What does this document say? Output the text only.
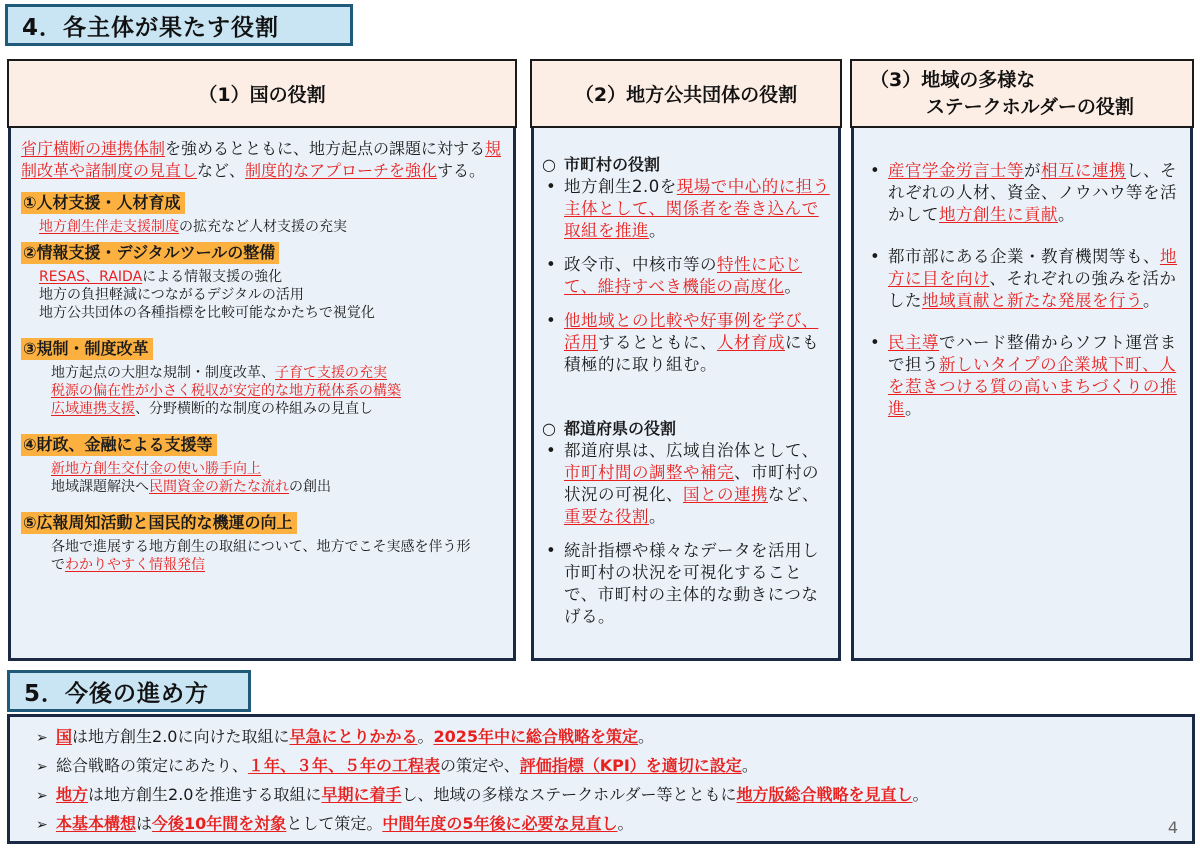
4．各主体が果たす役割
（1）国の役割
省庁横断の連携体制を強めるとともに、地方起点の課題に対する規制改革や諸制度の見直しなど、制度的なアプローチを強化する。
①人材支援・人材育成
地方創生伴走支援制度の拡充など人材支援の充実
②情報支援・デジタルツールの整備
RESAS、RAIDAによる情報支援の強化
地方の負担軽減につながるデジタルの活用
地方公共団体の各種指標を比較可能なかたちで視覚化
③規制・制度改革
地方起点の大胆な規制・制度改革、子育て支援の充実
税源の偏在性が小さく税収が安定的な地方税体系の構築
広域連携支援、分野横断的な制度の枠組みの見直し
④財政、金融による支援等
新地方創生交付金の使い勝手向上
地域課題解決へ民間資金の新たな流れの創出
⑤広報周知活動と国民的な機運の向上
各地で進展する地方創生の取組について、地方でこそ実感を伴う形
でわかりやすく情報発信
（2）地方公共団体の役割
○ 市町村の役割
• 地方創生2.0を現場で中心的に担う主体として、関係者を巻き込んで取組を推進。
• 政令市、中核市等の特性に応じて、維持すべき機能の高度化。
• 他地域との比較や好事例を学び、活用するとともに、人材育成にも積極的に取り組む。
○ 都道府県の役割
• 都道府県は、広域自治体として、市町村間の調整や補完、市町村の状況の可視化、国との連携など、重要な役割。
• 統計指標や様々なデータを活用し市町村の状況を可視化することで、市町村の主体的な動きにつなげる。
（3）地域の多様な
ステークホルダーの役割
• 産官学金労言士等が相互に連携し、それぞれの人材、資金、ノウハウ等を活かして地方創生に貢献。
• 都市部にある企業・教育機関等も、地方に目を向け、それぞれの強みを活かした地域貢献と新たな発展を行う。
• 民主導でハード整備からソフト運営まで担う新しいタイプの企業城下町、人を惹きつける質の高いまちづくりの推進。
5．今後の進め方
➢ 国は地方創生2.0に向けた取組に早急にとりかかる。2025年中に総合戦略を策定。
➢ 総合戦略の策定にあたり、１年、３年、５年の工程表の策定や、評価指標（KPI）を適切に設定。
➢ 地方は地方創生2.0を推進する取組に早期に着手し、地域の多様なステークホルダー等とともに地方版総合戦略を見直し。
➢ 本基本構想は今後10年間を対象として策定。中間年度の5年後に必要な見直し。	4
